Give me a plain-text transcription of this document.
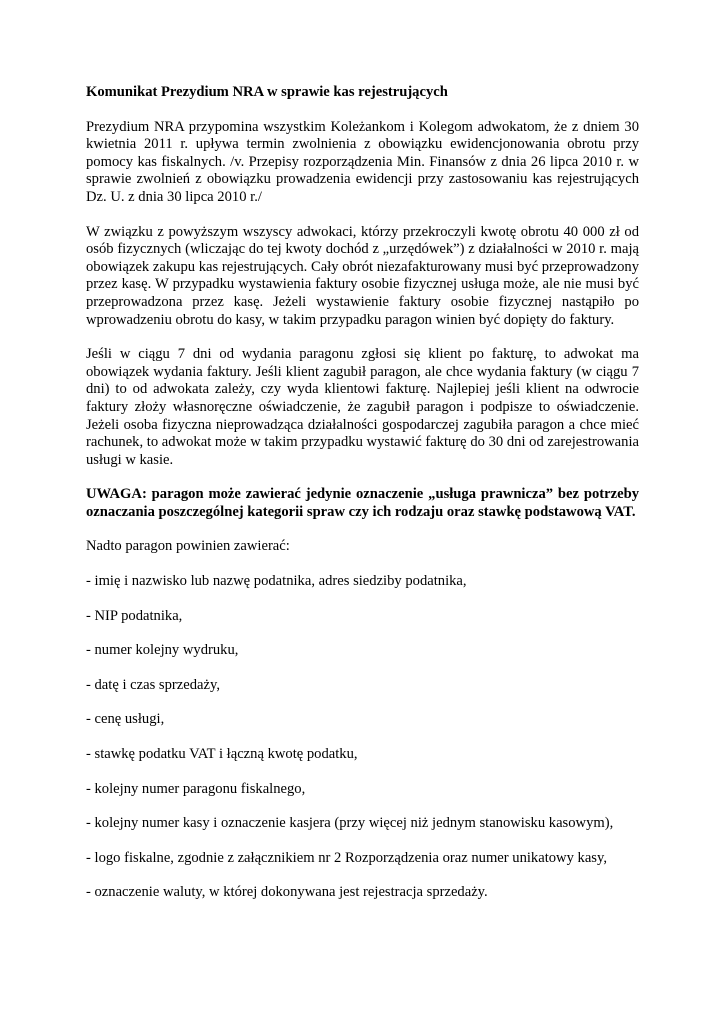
Komunikat Prezydium NRA w sprawie kas rejestrujących

Prezydium NRA przypomina wszystkim Koleżankom i Kolegom adwokatom, że z dniem 30 kwietnia 2011 r. upływa termin zwolnienia z obowiązku ewidencjonowania obrotu przy pomocy kas fiskalnych. /v. Przepisy rozporządzenia Min. Finansów z dnia 26 lipca 2010 r. w sprawie zwolnień z obowiązku prowadzenia ewidencji przy zastosowaniu kas rejestrujących Dz. U. z dnia 30 lipca 2010 r./

W związku z powyższym wszyscy adwokaci, którzy przekroczyli kwotę obrotu 40 000 zł od osób fizycznych (wliczając do tej kwoty dochód z „urzędówek”) z działalności w 2010 r. mają obowiązek zakupu kas rejestrujących. Cały obrót niezafakturowany musi być przeprowadzony przez kasę. W przypadku wystawienia faktury osobie fizycznej usługa może, ale nie musi być przeprowadzona przez kasę. Jeżeli wystawienie faktury osobie fizycznej nastąpiło po wprowadzeniu obrotu do kasy, w takim przypadku paragon winien być dopięty do faktury.

Jeśli w ciągu 7 dni od wydania paragonu zgłosi się klient po fakturę, to adwokat ma obowiązek wydania faktury. Jeśli klient zagubił paragon, ale chce wydania faktury (w ciągu 7 dni) to od adwokata zależy, czy wyda klientowi fakturę. Najlepiej jeśli klient na odwrocie faktury złoży własnoręczne oświadczenie, że zagubił paragon i podpisze to oświadczenie. Jeżeli osoba fizyczna nieprowadząca działalności gospodarczej zagubiła paragon a chce mieć rachunek, to adwokat może w takim przypadku wystawić fakturę do 30 dni od zarejestrowania usługi w kasie.

UWAGA: paragon może zawierać jedynie oznaczenie „usługa prawnicza” bez potrzeby oznaczania poszczególnej kategorii spraw czy ich rodzaju oraz stawkę podstawową VAT.

Nadto paragon powinien zawierać:

- imię i nazwisko lub nazwę podatnika, adres siedziby podatnika,

- NIP podatnika,

- numer kolejny wydruku,

- datę i czas sprzedaży,

- cenę usługi,

- stawkę podatku VAT i łączną kwotę podatku,

- kolejny numer paragonu fiskalnego,

- kolejny numer kasy i oznaczenie kasjera (przy więcej niż jednym stanowisku kasowym),

- logo fiskalne, zgodnie z załącznikiem nr 2 Rozporządzenia oraz numer unikatowy kasy,

- oznaczenie waluty, w której dokonywana jest rejestracja sprzedaży.
